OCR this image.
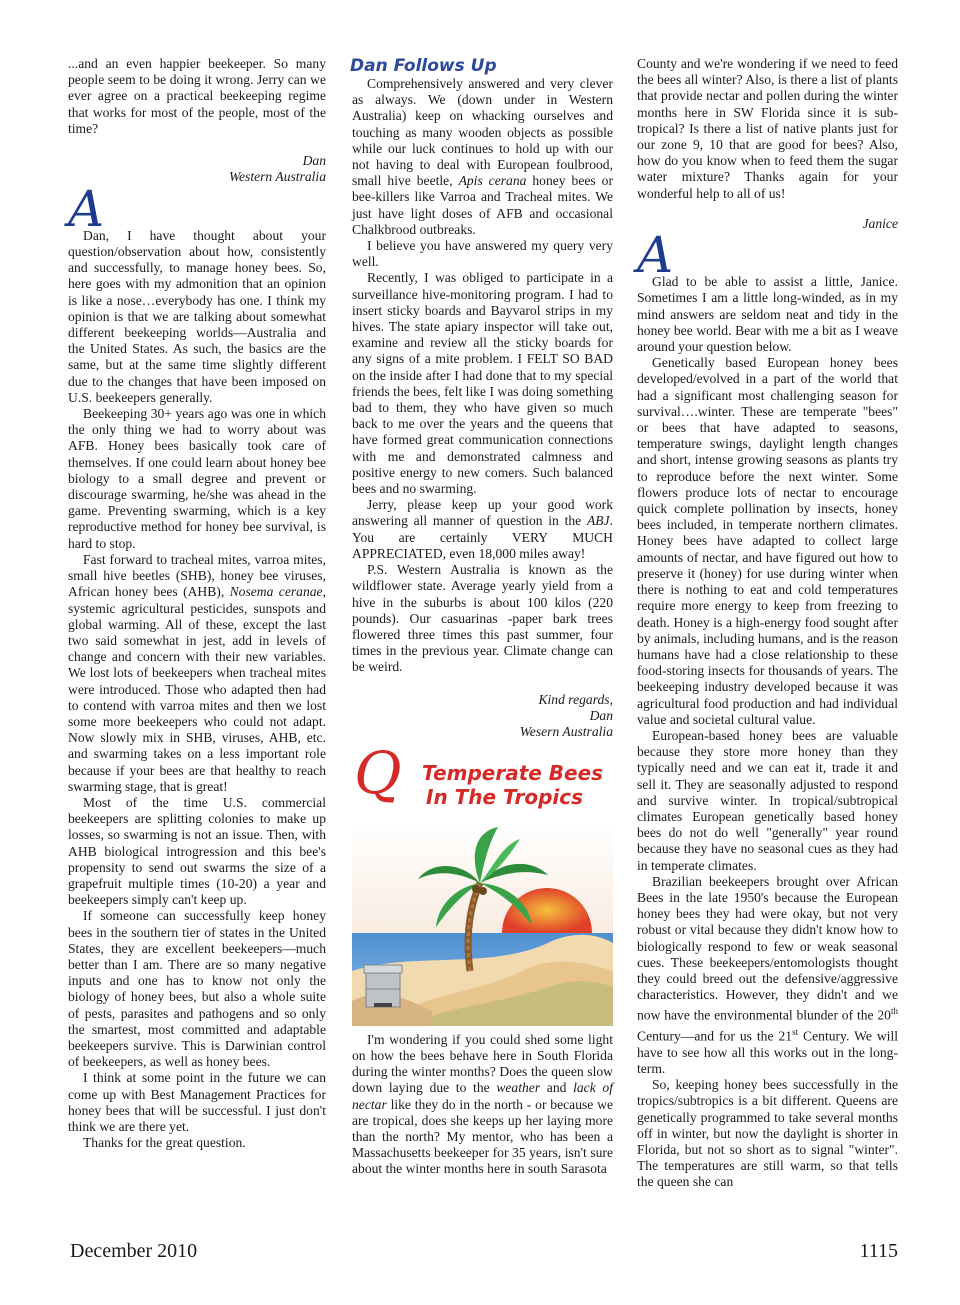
...and an even happier beekeeper. So many people seem to be doing it wrong. Jerry can we ever agree on a practical beekeeping regime that works for most of the people, most of the time?

Dan

Western Australia

A

Dan, I have thought about your question/observation about how, consistently and successfully, to manage honey bees. So, here goes with my admonition that an opinion is like a nose…everybody has one. I think my opinion is that we are talking about somewhat different beekeeping worlds—Australia and the United States. As such, the basics are the same, but at the same time slightly different due to the changes that have been imposed on U.S. beekeepers generally.

Beekeeping 30+ years ago was one in which the only thing we had to worry about was AFB. Honey bees basically took care of themselves. If one could learn about honey bee biology to a small degree and prevent or discourage swarming, he/she was ahead in the game. Preventing swarming, which is a key reproductive method for honey bee survival, is hard to stop.

Fast forward to tracheal mites, varroa mites, small hive beetles (SHB), honey bee viruses, African honey bees (AHB), Nosema ceranae, systemic agricultural pesticides, sunspots and global warming. All of these, except the last two said somewhat in jest, add in levels of change and concern with their new variables. We lost lots of beekeepers when tracheal mites were introduced. Those who adapted then had to contend with varroa mites and then we lost some more beekeepers who could not adapt. Now slowly mix in SHB, viruses, AHB, etc. and swarming takes on a less important role because if your bees are that healthy to reach swarming stage, that is great!

Most of the time U.S. commercial beekeepers are splitting colonies to make up losses, so swarming is not an issue. Then, with AHB biological introgression and this bee's propensity to send out swarms the size of a grapefruit multiple times (10-20) a year and beekeepers simply can't keep up.

If someone can successfully keep honey bees in the southern tier of states in the United States, they are excellent beekeepers—much better than I am. There are so many negative inputs and one has to know not only the biology of honey bees, but also a whole suite of pests, parasites and pathogens and so only the smartest, most committed and adaptable beekeepers survive. This is Darwinian control of beekeepers, as well as honey bees.

I think at some point in the future we can come up with Best Management Practices for honey bees that will be successful. I just don't think we are there yet.

Thanks for the great question.

Dan Follows Up

Comprehensively answered and very clever as always. We (down under in Western Australia) keep on whacking ourselves and touching as many wooden objects as possible while our luck continues to hold up with our not having to deal with European foulbrood, small hive beetle, Apis cerana honey bees or bee-killers like Varroa and Tracheal mites. We just have light doses of AFB and occasional Chalkbrood outbreaks.

I believe you have answered my query very well.

Recently, I was obliged to participate in a surveillance hive-monitoring program. I had to insert sticky boards and Bayvarol strips in my hives. The state apiary inspector will take out, examine and review all the sticky boards for any signs of a mite problem. I FELT SO BAD on the inside after I had done that to my special friends the bees, felt like I was doing something bad to them, they who have given so much back to me over the years and the queens that have formed great communication connections with me and demonstrated calmness and positive energy to new comers. Such balanced bees and no swarming.

Jerry, please keep up your good work answering all manner of question in the ABJ. You are certainly VERY MUCH APPRECIATED, even 18,000 miles away!

P.S. Western Australia is known as the wildflower state. Average yearly yield from a hive in the suburbs is about 100 kilos (220 pounds). Our casuarinas -paper bark trees flowered three times this past summer, four times in the previous year. Climate change can be weird.

Kind regards,

Dan

Wesern Australia

Q Temperate Bees
In The Tropics

I'm wondering if you could shed some light on how the bees behave here in South Florida during the winter months? Does the queen slow down laying due to the weather and lack of nectar like they do in the north - or because we are tropical, does she keeps up her laying more than the north? My mentor, who has been a Massachusetts beekeeper for 35 years, isn't sure about the winter months here in south Sarasota

County and we're wondering if we need to feed the bees all winter? Also, is there a list of plants that provide nectar and pollen during the winter months here in SW Florida since it is sub-tropical? Is there a list of native plants just for our zone 9, 10 that are good for bees? Also, how do you know when to feed them the sugar water mixture? Thanks again for your wonderful help to all of us!

Janice

A

Glad to be able to assist a little, Janice. Sometimes I am a little long-winded, as in my mind answers are seldom neat and tidy in the honey bee world. Bear with me a bit as I weave around your question below.

Genetically based European honey bees developed/evolved in a part of the world that had a significant most challenging season for survival….winter. These are temperate "bees" or bees that have adapted to seasons, temperature swings, daylight length changes and short, intense growing seasons as plants try to reproduce before the next winter. Some flowers produce lots of nectar to encourage quick complete pollination by insects, honey bees included, in temperate northern climates. Honey bees have adapted to collect large amounts of nectar, and have figured out how to preserve it (honey) for use during winter when there is nothing to eat and cold temperatures require more energy to keep from freezing to death. Honey is a high-energy food sought after by animals, including humans, and is the reason humans have had a close relationship to these food-storing insects for thousands of years. The beekeeping industry developed because it was agricultural food production and had individual value and societal cultural value.

European-based honey bees are valuable because they store more honey than they typically need and we can eat it, trade it and sell it. They are seasonally adjusted to respond and survive winter. In tropical/subtropical climates European genetically based honey bees do not do well "generally" year round because they have no seasonal cues as they had in temperate climates.

Brazilian beekeepers brought over African Bees in the late 1950's because the European honey bees they had were okay, but not very robust or vital because they didn't know how to biologically respond to few or weak seasonal cues. These beekeepers/entomologists thought they could breed out the defensive/aggressive characteristics. However, they didn't and we now have the environmental blunder of the 20th Century—and for us the 21st Century. We will have to see how all this works out in the long-term.

So, keeping honey bees successfully in the tropics/subtropics is a bit different. Queens are genetically programmed to take several months off in winter, but now the daylight is shorter in Florida, but not so short as to signal "winter". The temperatures are still warm, so that tells the queen she can

December 2010	1115
